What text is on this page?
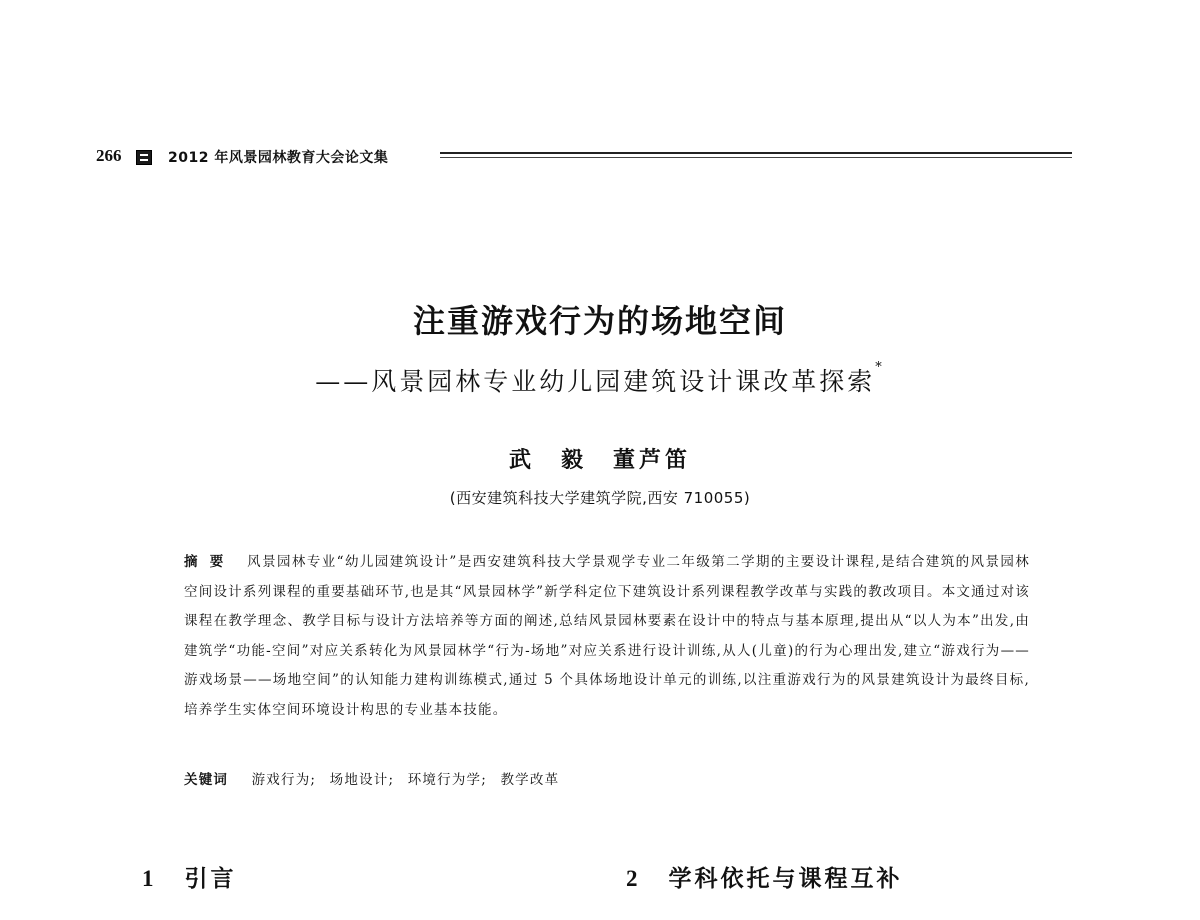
266	2012 年风景园林教育大会论文集
注重游戏行为的场地空间
——风景园林专业幼儿园建筑设计课改革探索*
武　毅　董芦笛
(西安建筑科技大学建筑学院,西安 710055)
摘要 风景园林专业“幼儿园建筑设计”是西安建筑科技大学景观学专业二年级第二学期的主要设计课程,是结合建筑的风景园林空间设计系列课程的重要基础环节,也是其“风景园林学”新学科定位下建筑设计系列课程教学改革与实践的教改项目。本文通过对该课程在教学理念、教学目标与设计方法培养等方面的阐述,总结风景园林要素在设计中的特点与基本原理,提出从“以人为本”出发,由建筑学“功能-空间”对应关系转化为风景园林学“行为-场地”对应关系进行设计训练,从人(儿童)的行为心理出发,建立“游戏行为——游戏场景——场地空间”的认知能力建构训练模式,通过 5 个具体场地设计单元的训练,以注重游戏行为的风景建筑设计为最终目标,培养学生实体空间环境设计构思的专业基本技能。
关键词 游戏行为; 场地设计; 环境行为学; 教学改革
1 引言	2 学科依托与课程互补
